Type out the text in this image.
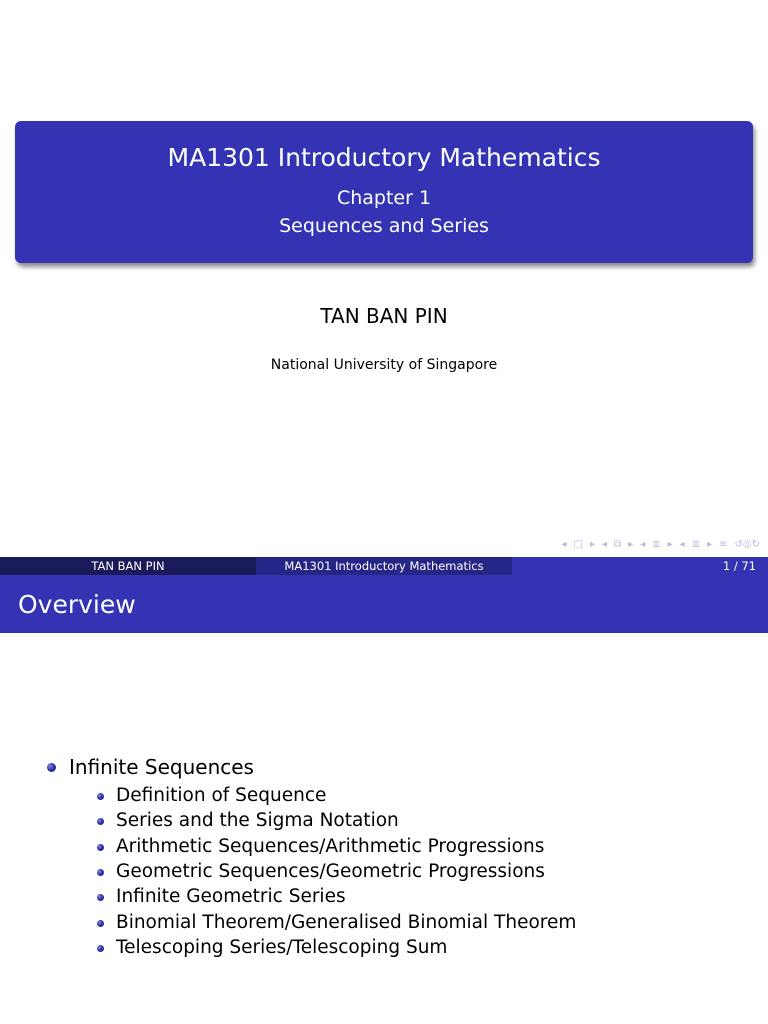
MA1301 Introductory Mathematics
Chapter 1
Sequences and Series
TAN BAN PIN
National University of Singapore
◂ □ ▸ ◂ ⧉ ▸ ◂ ≣ ▸ ◂ ≣ ▸ ≡ ↺◎↻
TAN BAN PIN	MA1301 Introductory Mathematics	1 / 71
Overview
Infinite Sequences
Definition of Sequence
Series and the Sigma Notation
Arithmetic Sequences/Arithmetic Progressions
Geometric Sequences/Geometric Progressions
Infinite Geometric Series
Binomial Theorem/Generalised Binomial Theorem
Telescoping Series/Telescoping Sum
